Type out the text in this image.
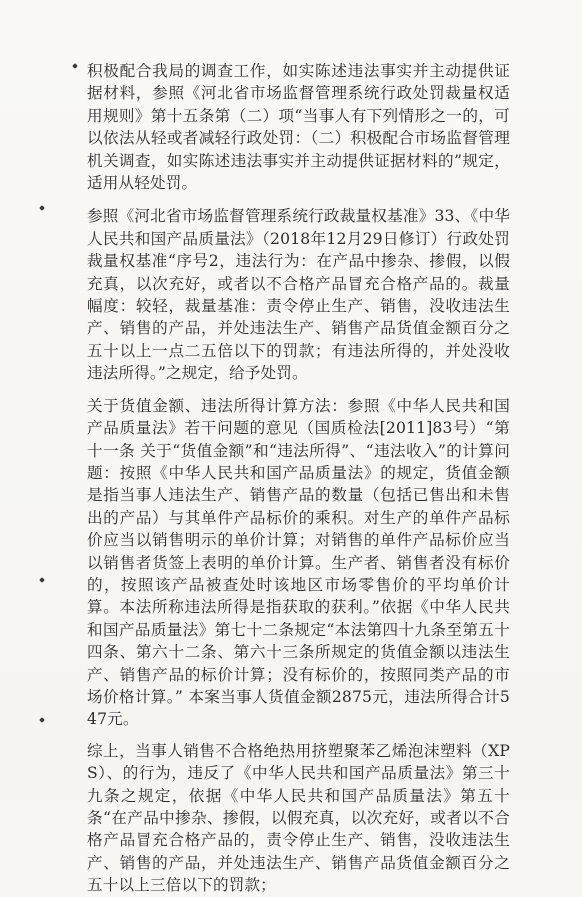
积极配合我局的调查工作，如实陈述违法事实并主动提供证据材料，参照《河北省市场监督管理系统行政处罚裁量权适用规则》第十五条第（二）项“当事人有下列情形之一的，可以依法从轻或者减轻行政处罚：（二）积极配合市场监督管理机关调查，如实陈述违法事实并主动提供证据材料的”规定，适用从轻处罚。

参照《河北省市场监督管理系统行政裁量权基准》33、《中华人民共和国产品质量法》（2018年12月29日修订）行政处罚裁量权基准“序号2，违法行为：在产品中掺杂、掺假，以假充真，以次充好，或者以不合格产品冒充合格产品的。裁量幅度：较轻，裁量基准：责令停止生产、销售，没收违法生产、销售的产品，并处违法生产、销售产品货值金额百分之五十以上一点二五倍以下的罚款；有违法所得的，并处没收违法所得。”之规定，给予处罚。

关于货值金额、违法所得计算方法：参照《中华人民共和国产品质量法》若干问题的意见（国质检法[2011]83号）“第十一条 关于“货值金额”和“违法所得”、“违法收入”的计算问题：按照《中华人民共和国产品质量法》的规定，货值金额是指当事人违法生产、销售产品的数量（包括已售出和未售出的产品）与其单件产品标价的乘积。对生产的单件产品标价应当以销售明示的单价计算；对销售的单件产品标价应当以销售者货签上表明的单价计算。生产者、销售者没有标价的，按照该产品被查处时该地区市场零售价的平均单价计算。本法所称违法所得是指获取的获利。”依据《中华人民共和国产品质量法》第七十二条规定“本法第四十九条至第五十四条、第六十二条、第六十三条所规定的货值金额以违法生产、销售产品的标价计算；没有标价的，按照同类产品的市场价格计算。” 本案当事人货值金额2875元，违法所得合计547元。

综上，当事人销售不合格绝热用挤塑聚苯乙烯泡沫塑料（XPS）、的行为，违反了《中华人民共和国产品质量法》第三十九条之规定，依据《中华人民共和国产品质量法》第五十条“在产品中掺杂、掺假，以假充真，以次充好，或者以不合格产品冒充合格产品的，责令停止生产、销售，没收违法生产、销售的产品，并处违法生产、销售产品货值金额百分之五十以上三倍以下的罚款；
